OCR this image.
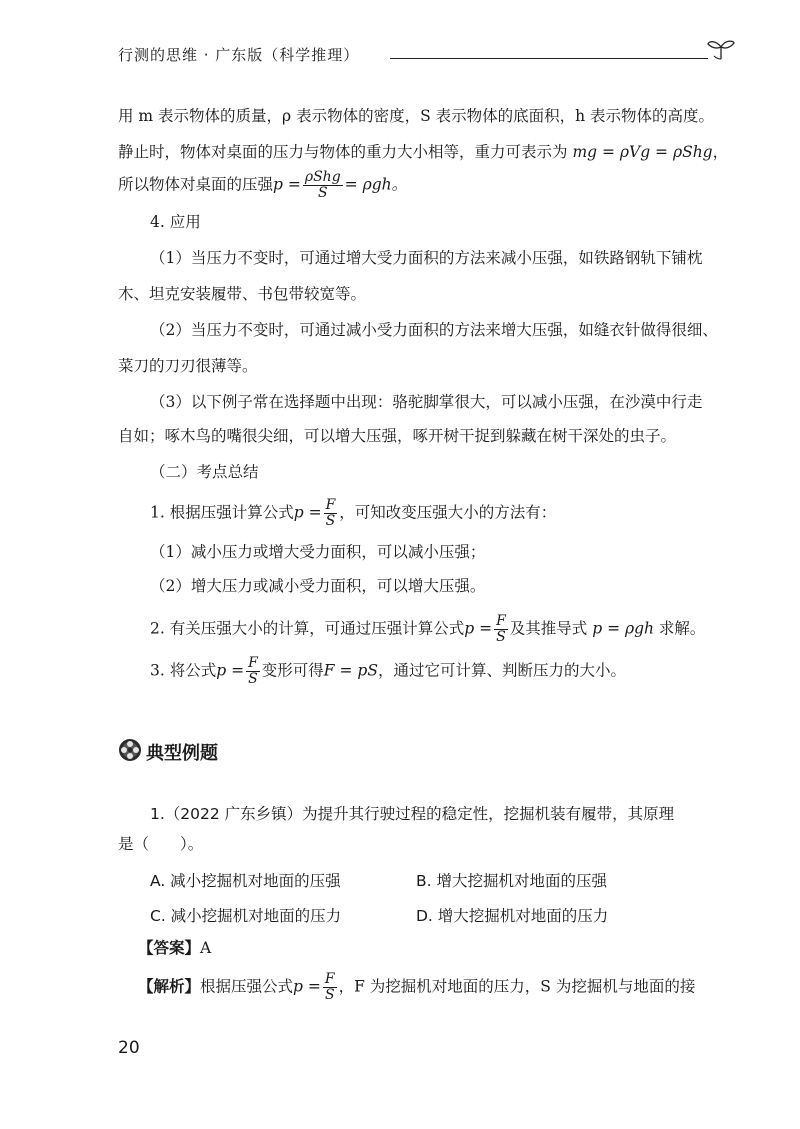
行测的思维 · 广东版（科学推理）
用 m 表示物体的质量，ρ 表示物体的密度，S 表示物体的底面积，h 表示物体的高度。
静止时，物体对桌面的压力与物体的重力大小相等，重力可表示为 mg = ρVg = ρShg，
所以物体对桌面的压强$p = \frac{\text{ρShg}}{S} = \rho gh$。
4. 应用
（1）当压力不变时，可通过增大受力面积的方法来减小压强，如铁路钢轨下铺枕
木、坦克安装履带、书包带较宽等。
（2）当压力不变时，可通过减小受力面积的方法来增大压强，如缝衣针做得很细、
菜刀的刀刃很薄等。
（3）以下例子常在选择题中出现：骆驼脚掌很大，可以减小压强，在沙漠中行走
自如；啄木鸟的嘴很尖细，可以增大压强，啄开树干捉到躲藏在树干深处的虫子。
（二）考点总结
1. 根据压强计算公式$p = \frac{F}{S}$ ，可知改变压强大小的方法有：
（1）减小压力或增大受力面积，可以减小压强；
（2）增大压力或减小受力面积，可以增大压强。
2. 有关压强大小的计算，可通过压强计算公式$p = \frac{F}{S}$ 及其推导式 p = ρgh 求解。
3. 将公式$p = \frac{F}{S}$ 变形可得F = pS，通过它可计算、判断压力的大小。
典型例题
1.（2022 广东乡镇）为提升其行驶过程的稳定性，挖掘机装有履带，其原理
是（　　）。
A. 减小挖掘机对地面的压强	B. 增大挖掘机对地面的压强
C. 减小挖掘机对地面的压力	D. 增大挖掘机对地面的压力
【答案】A
【解析】根据压强公式$p = \frac{F}{S}$ ，F 为挖掘机对地面的压力，S 为挖掘机与地面的接
20
